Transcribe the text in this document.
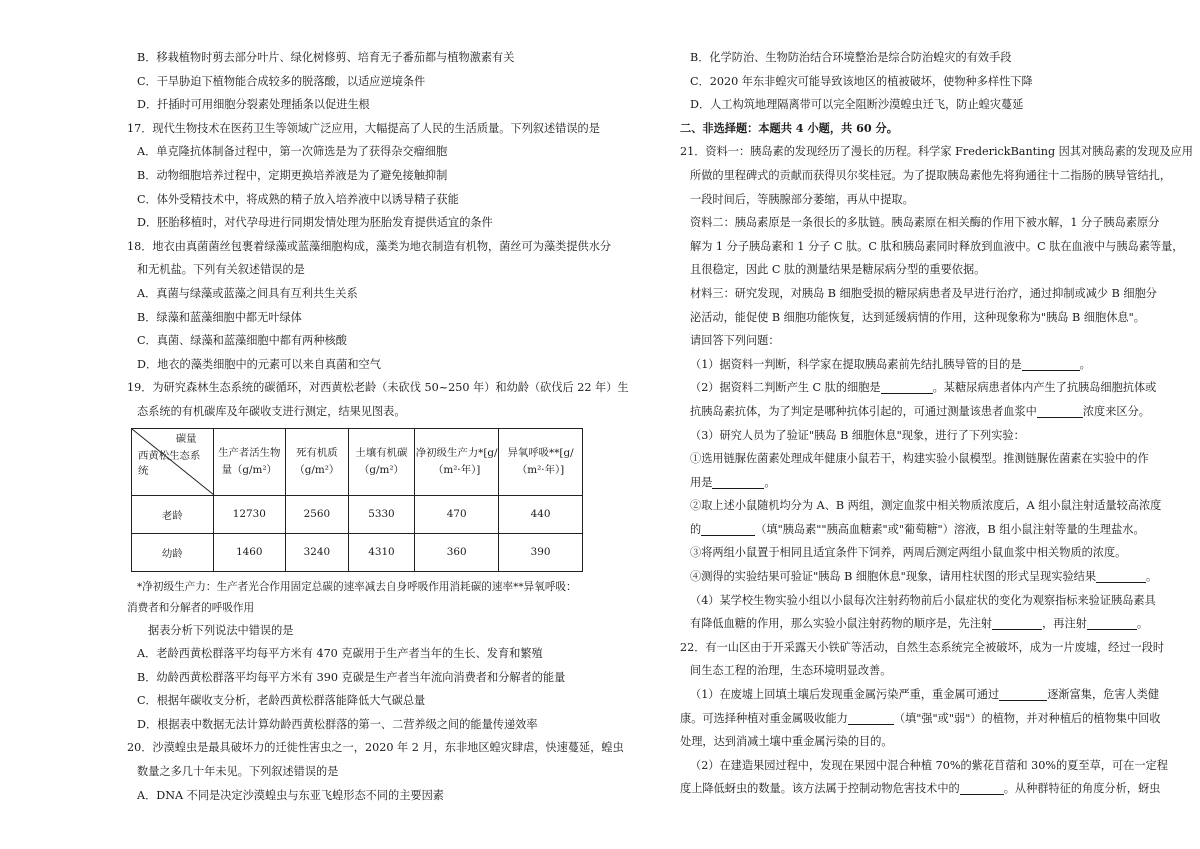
B．移栽植物时剪去部分叶片、绿化树修剪、培育无子番茄都与植物激素有关
C．干旱胁迫下植物能合成较多的脱落酸，以适应逆境条件
D．扦插时可用细胞分裂素处理插条以促进生根
17．现代生物技术在医药卫生等领域广泛应用，大幅提高了人民的生活质量。下列叙述错误的是
A．单克隆抗体制备过程中，第一次筛选是为了获得杂交瘤细胞
B．动物细胞培养过程中，定期更换培养液是为了避免接触抑制
C．体外受精技术中，将成熟的精子放入培养液中以诱导精子获能
D．胚胎移植时，对代孕母进行同期发情处理为胚胎发育提供适宜的条件
18．地衣由真菌菌丝包裹着绿藻或蓝藻细胞构成，藻类为地衣制造有机物，菌丝可为藻类提供水分
和无机盐。下列有关叙述错误的是
A．真菌与绿藻或蓝藻之间具有互利共生关系
B．绿藻和蓝藻细胞中都无叶绿体
C．真菌、绿藻和蓝藻细胞中都有两种核酸
D．地衣的藻类细胞中的元素可以来自真菌和空气
19．为研究森林生态系统的碳循环，对西黄松老龄（未砍伐 50~250 年）和幼龄（砍伐后 22 年）生
态系统的有机碳库及年碳收支进行测定，结果见图表。
碳量
西黄松生态系统	生产者活生物量（g/m²）	死有机质（g/m²）	土壤有机碳（g/m²）	净初级生产力*[g/（m²·年）]	异氧呼吸**[g/（m²·年）]
老龄	12730	2560	5330	470	440
幼龄	1460	3240	4310	360	390
*净初级生产力：生产者光合作用固定总碳的速率减去自身呼吸作用消耗碳的速率**异氧呼吸：
消费者和分解者的呼吸作用
据表分析下列说法中错误的是
A．老龄西黄松群落平均每平方米有 470 克碳用于生产者当年的生长、发育和繁殖
B．幼龄西黄松群落平均每平方米有 390 克碳是生产者当年流向消费者和分解者的能量
C．根据年碳收支分析，老龄西黄松群落能降低大气碳总量
D．根据表中数据无法计算幼龄西黄松群落的第一、二营养级之间的能量传递效率
20．沙漠蝗虫是最具破坏力的迁徙性害虫之一，2020 年 2 月，东非地区蝗灾肆虐，快速蔓延，蝗虫
数量之多几十年未见。下列叙述错误的是
A．DNA 不同是决定沙漠蝗虫与东亚飞蝗形态不同的主要因素
B．化学防治、生物防治结合环境整治是综合防治蝗灾的有效手段
C．2020 年东非蝗灾可能导致该地区的植被破坏，使物种多样性下降
D．人工构筑地理隔离带可以完全阻断沙漠蝗虫迁飞，防止蝗灾蔓延
二、非选择题：本题共 4 小题，共 60 分。
21．资料一：胰岛素的发现经历了漫长的历程。科学家 FrederickBanting 因其对胰岛素的发现及应用
所做的里程碑式的贡献而获得贝尔奖桂冠。为了提取胰岛素他先将狗通往十二指肠的胰导管结扎，
一段时间后，等胰腺部分萎缩，再从中提取。
资料二：胰岛素原是一条很长的多肽链。胰岛素原在相关酶的作用下被水解，1 分子胰岛素原分
解为 1 分子胰岛素和 1 分子 C 肽。C 肽和胰岛素同时释放到血液中。C 肽在血液中与胰岛素等量，
且很稳定，因此 C 肽的测量结果是糖尿病分型的重要依据。
材料三：研究发现，对胰岛 B 细胞受损的糖尿病患者及早进行治疗，通过抑制或减少 B 细胞分
泌活动，能促使 B 细胞功能恢复，达到延缓病情的作用，这种现象称为"胰岛 B 细胞休息"。
请回答下列问题：
（1）据资料一判断，科学家在提取胰岛素前先结扎胰导管的目的是	。
（2）据资料二判断产生 C 肽的细胞是	。某糖尿病患者体内产生了抗胰岛细胞抗体或
抗胰岛素抗体，为了判定是哪种抗体引起的，可通过测量该患者血浆中	浓度来区分。
（3）研究人员为了验证"胰岛 B 细胞休息"现象，进行了下列实验：
①选用链脲佐菌素处理成年健康小鼠若干，构建实验小鼠模型。推测链脲佐菌素在实验中的作
用是	。
②取上述小鼠随机均分为 A、B 两组，测定血浆中相关物质浓度后，A 组小鼠注射适量较高浓度
的	（填"胰岛素""胰高血糖素"或"葡萄糖"）溶液，B 组小鼠注射等量的生理盐水。
③将两组小鼠置于相同且适宜条件下饲养，两周后测定两组小鼠血浆中相关物质的浓度。
④测得的实验结果可验证"胰岛 B 细胞休息"现象，请用柱状图的形式呈现实验结果	。
（4）某学校生物实验小组以小鼠每次注射药物前后小鼠症状的变化为观察指标来验证胰岛素具
有降低血糖的作用，那么实验小鼠注射药物的顺序是，先注射	，再注射	。
22．有一山区由于开采露天小铁矿等活动，自然生态系统完全被破坏，成为一片废墟，经过一段时
间生态工程的治理，生态环境明显改善。
（1）在废墟上回填土壤后发现重金属污染严重，重金属可通过	逐渐富集，危害人类健
康。可选择种植对重金属吸收能力	（填"强"或"弱"）的植物，并对种植后的植物集中回收
处理，达到消减土壤中重金属污染的目的。
（2）在建造果园过程中，发现在果园中混合种植 70%的紫花苜蓿和 30%的夏至草，可在一定程
度上降低蚜虫的数量。该方法属于控制动物危害技术中的	。从种群特征的角度分析，蚜虫
